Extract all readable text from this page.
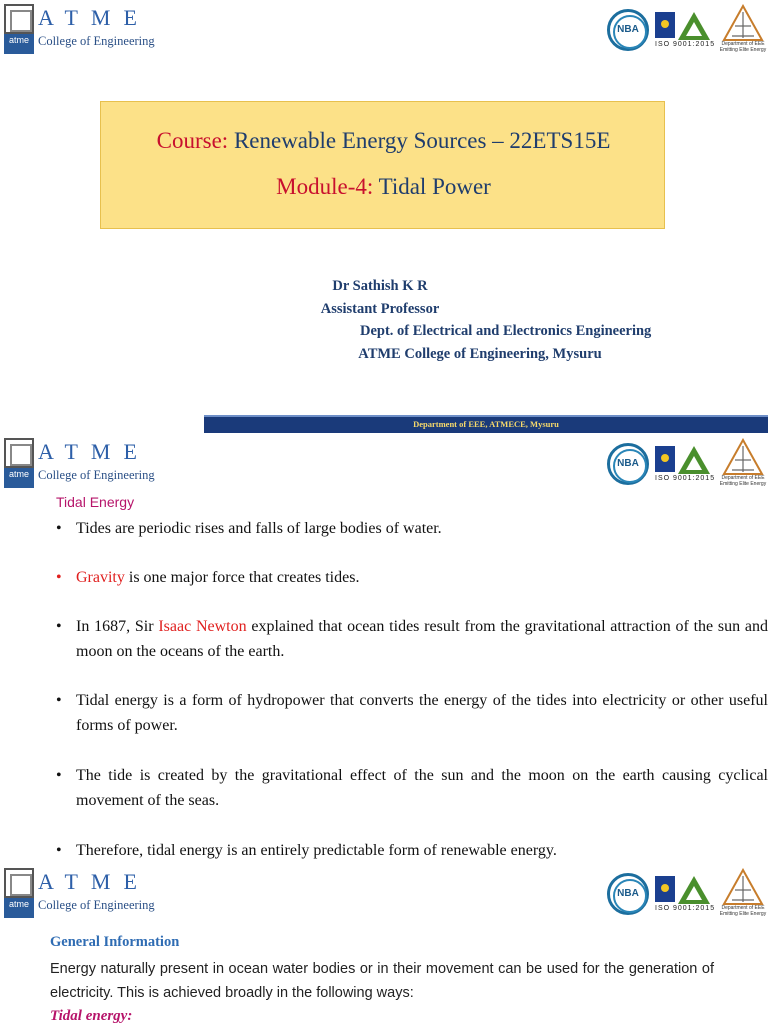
atme
ATME
College of Engineering
NBA
ISO 9001:2015	Department of EEE Emitting Elite Energy
Course: Renewable Energy Sources – 22ETS15E
Module-4: Tidal Power
Dr Sathish K R
Assistant Professor
Dept. of Electrical and Electronics Engineering
ATME College of Engineering, Mysuru
Department of EEE, ATMECE, Mysuru
atme
ATME
College of Engineering
NBA
ISO 9001:2015	Department of EEE Emitting Elite Energy
Tidal Energy
• Tides are periodic rises and falls of large bodies of water.
• Gravity is one major force that creates tides.
• In 1687, Sir Isaac Newton explained that ocean tides result from the gravitational attraction of the sun and moon on the oceans of the earth.
• Tidal energy is a form of hydropower that converts the energy of the tides into electricity or other useful forms of power.
• The tide is created by the gravitational effect of the sun and the moon on the earth causing cyclical movement of the seas.
• Therefore, tidal energy is an entirely predictable form of renewable energy.
atme
ATME
College of Engineering
NBA
ISO 9001:2015	Department of EEE Emitting Elite Energy
General Information
Energy naturally present in ocean water bodies or in their movement can be used for the generation of electricity. This is achieved broadly in the following ways:
Tidal energy:
